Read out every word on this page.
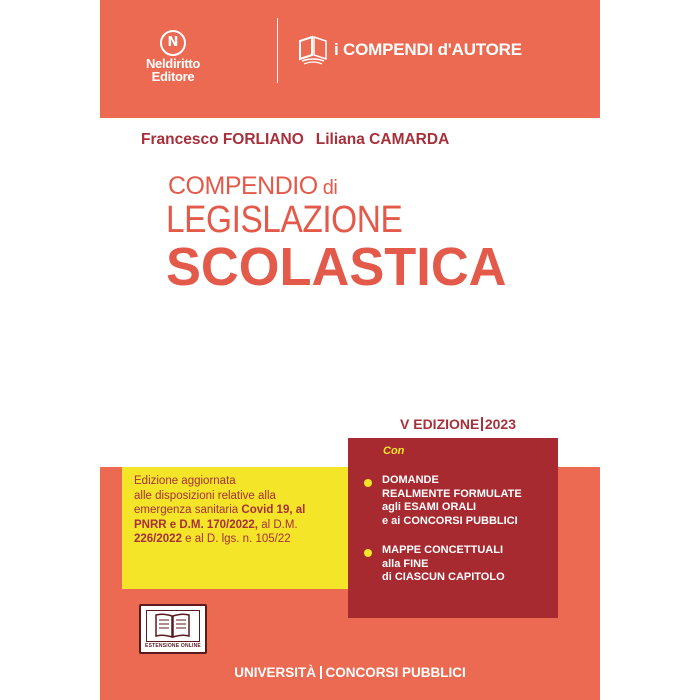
N
Neldiritto
Editore
i COMPENDI d'AUTORE
Francesco FORLIANO Liliana CAMARDA
COMPENDIO di
LEGISLAZIONE
SCOLASTICA
V EDIZIONE 2023

Edizione aggiornata

alle disposizioni relative alla

emergenza sanitaria Covid 19, al

PNRR e D.M. 170/2022, al D.M.

226/2022 e al D. lgs. n. 105/22

Con

DOMANDE

REALMENTE FORMULATE

agli ESAMI ORALI

e ai CONCORSI PUBBLICI

MAPPE CONCETTUALI

alla FINE

di CIASCUN CAPITOLO

ESTENSIONE ONLINE
UNIVERSITÀ CONCORSI PUBBLICI
